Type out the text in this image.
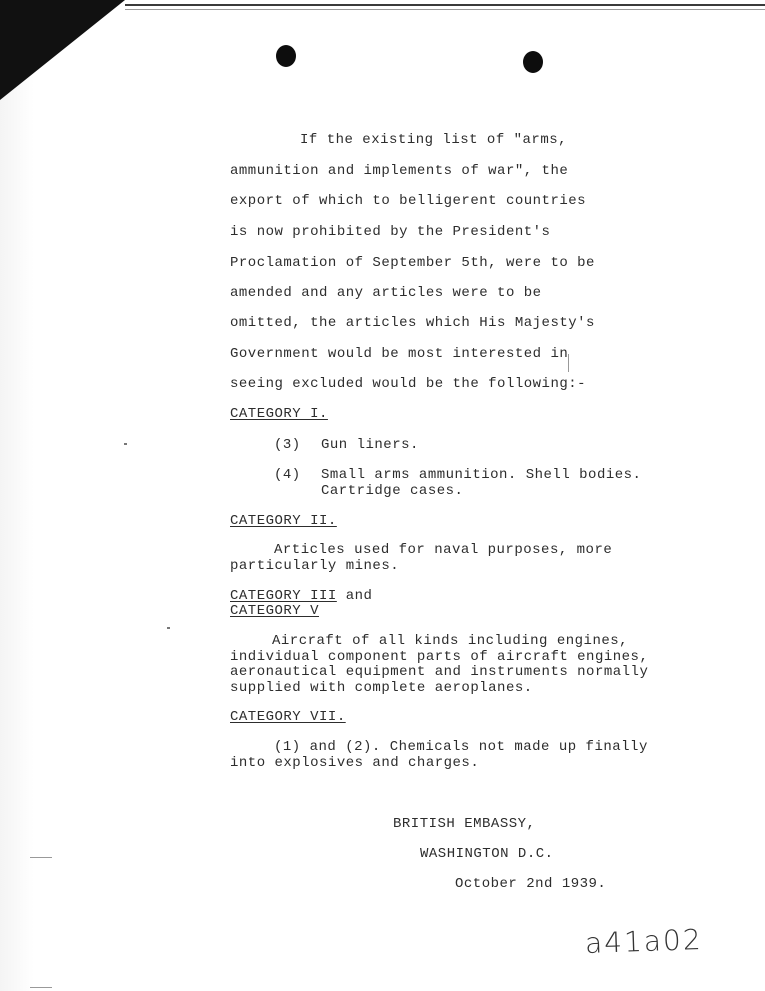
If the existing list of "arms,
ammunition and implements of war", the
export of which to belligerent countries
is now prohibited by the President's
Proclamation of September 5th, were to be
amended and any articles were to be
omitted, the articles which His Majesty's
Government would be most interested in
seeing excluded would be the following:-
CATEGORY I.
(3) Gun liners.
(4) Small arms ammunition. Shell bodies.
Cartridge cases.
CATEGORY II.
Articles used for naval purposes, more
particularly mines.
CATEGORY III and
CATEGORY V
Aircraft of all kinds including engines,
individual component parts of aircraft engines,
aeronautical equipment and instruments normally
supplied with complete aeroplanes.
CATEGORY VII.
(1) and (2). Chemicals not made up finally
into explosives and charges.
BRITISH EMBASSY,
WASHINGTON D.C.
October 2nd 1939.
a41a02
